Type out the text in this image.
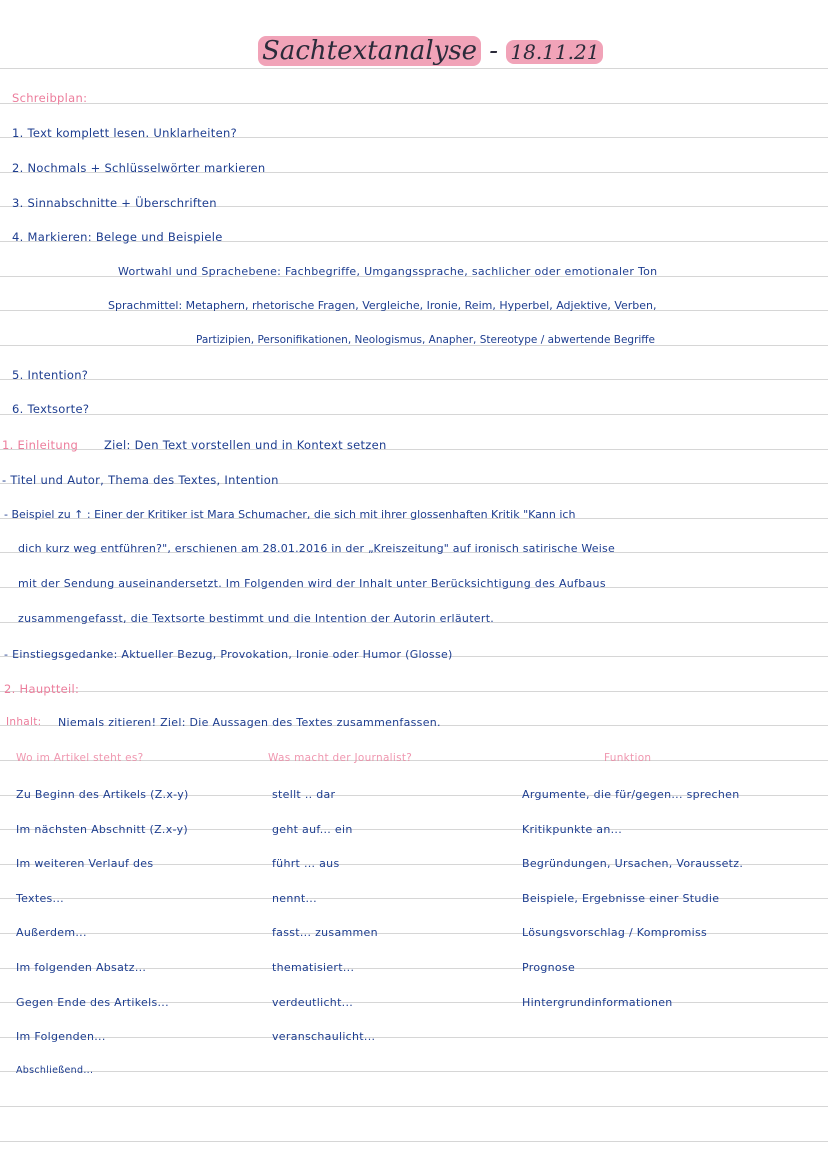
Sachtextanalyse - 18.11.21
Schreibplan:
1. Text komplett lesen. Unklarheiten?
2. Nochmals + Schlüsselwörter markieren
3. Sinnabschnitte + Überschriften
4. Markieren: Belege und Beispiele
Wortwahl und Sprachebene: Fachbegriffe, Umgangssprache, sachlicher oder emotionaler Ton
Sprachmittel: Metaphern, rhetorische Fragen, Vergleiche, Ironie, Reim, Hyperbel, Adjektive, Verben,
Partizipien, Personifikationen, Neologismus, Anapher, Stereotype / abwertende Begriffe
5. Intention?
6. Textsorte?
1. Einleitung Ziel: Den Text vorstellen und in Kontext setzen
- Titel und Autor, Thema des Textes, Intention
- Beispiel zu ↑ : Einer der Kritiker ist Mara Schumacher, die sich mit ihrer glossenhaften Kritik "Kann ich
dich kurz weg entführen?", erschienen am 28.01.2016 in der „Kreiszeitung" auf ironisch satirische Weise
mit der Sendung auseinandersetzt. Im Folgenden wird der Inhalt unter Berücksichtigung des Aufbaus
zusammengefasst, die Textsorte bestimmt und die Intention der Autorin erläutert.
- Einstiegsgedanke: Aktueller Bezug, Provokation, Ironie oder Humor (Glosse)
2. Hauptteil:
Inhalt: Niemals zitieren! Ziel: Die Aussagen des Textes zusammenfassen.
Wo im Artikel steht es?	Was macht der Journalist?	Funktion
Zu Beginn des Artikels (Z.x-y)	stellt .. dar	Argumente, die für/gegen... sprechen
Im nächsten Abschnitt (Z.x-y)	geht auf... ein	Kritikpunkte an...
Im weiteren Verlauf des	führt ... aus	Begründungen, Ursachen, Voraussetz.
Textes...	nennt...	Beispiele, Ergebnisse einer Studie
Außerdem...	fasst... zusammen	Lösungsvorschlag / Kompromiss
Im folgenden Absatz...	thematisiert...	Prognose
Gegen Ende des Artikels...	verdeutlicht...	Hintergrundinformationen
Im Folgenden...	veranschaulicht...
Abschließend...
